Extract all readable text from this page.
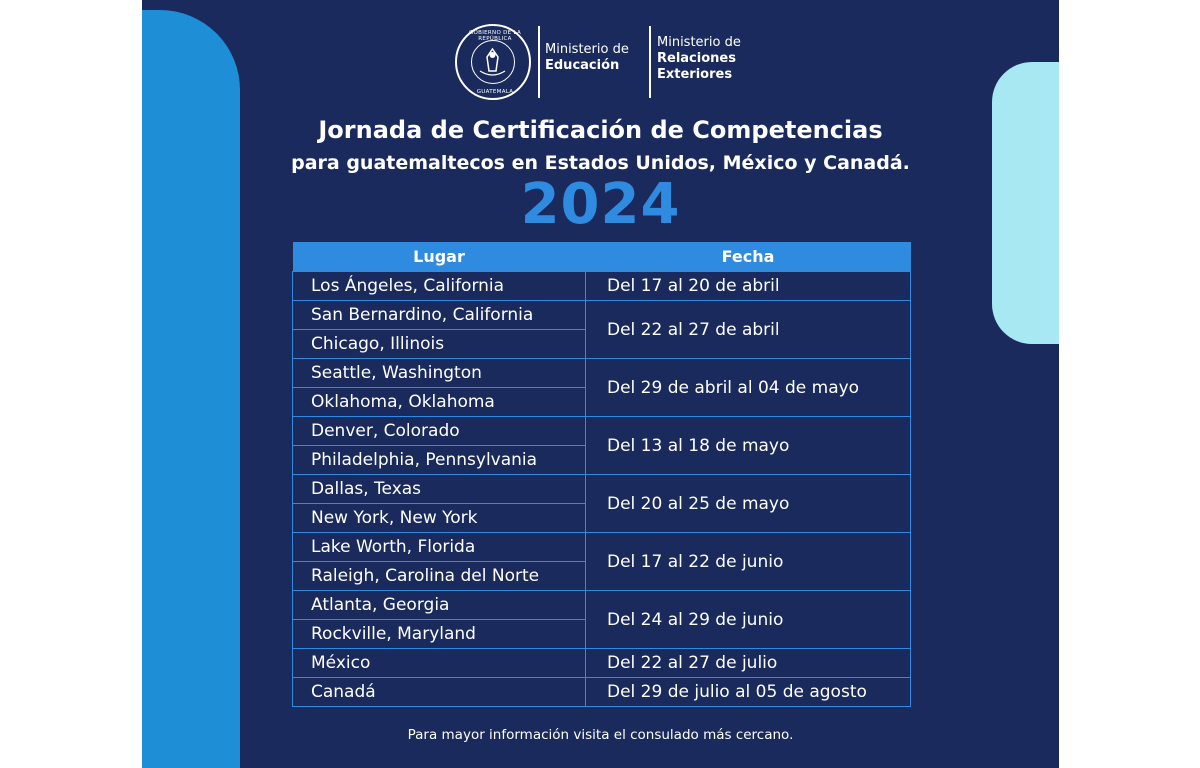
GOBIERNO DE LA REPÚBLICA
GUATEMALA
Ministerio de
Educación
Ministerio de
Relaciones
Exteriores
Jornada de Certificación de Competencias
para guatemaltecos en Estados Unidos, México y Canadá.
2024
Lugar	Fecha
Los Ángeles, California	Del 17 al 20 de abril
San Bernardino, California	Del 22 al 27 de abril
Chicago, Illinois	
Seattle, Washington	Del 29 de abril al 04 de mayo
Oklahoma, Oklahoma	
Denver, Colorado	Del 13 al 18 de mayo
Philadelphia, Pennsylvania	
Dallas, Texas	Del 20 al 25 de mayo
New York, New York	
Lake Worth, Florida	Del 17 al 22 de junio
Raleigh, Carolina del Norte	
Atlanta, Georgia	Del 24 al 29 de junio
Rockville, Maryland	
México	Del 22 al 27 de julio
Canadá	Del 29 de julio al 05 de agosto
Para mayor información visita el consulado más cercano.
